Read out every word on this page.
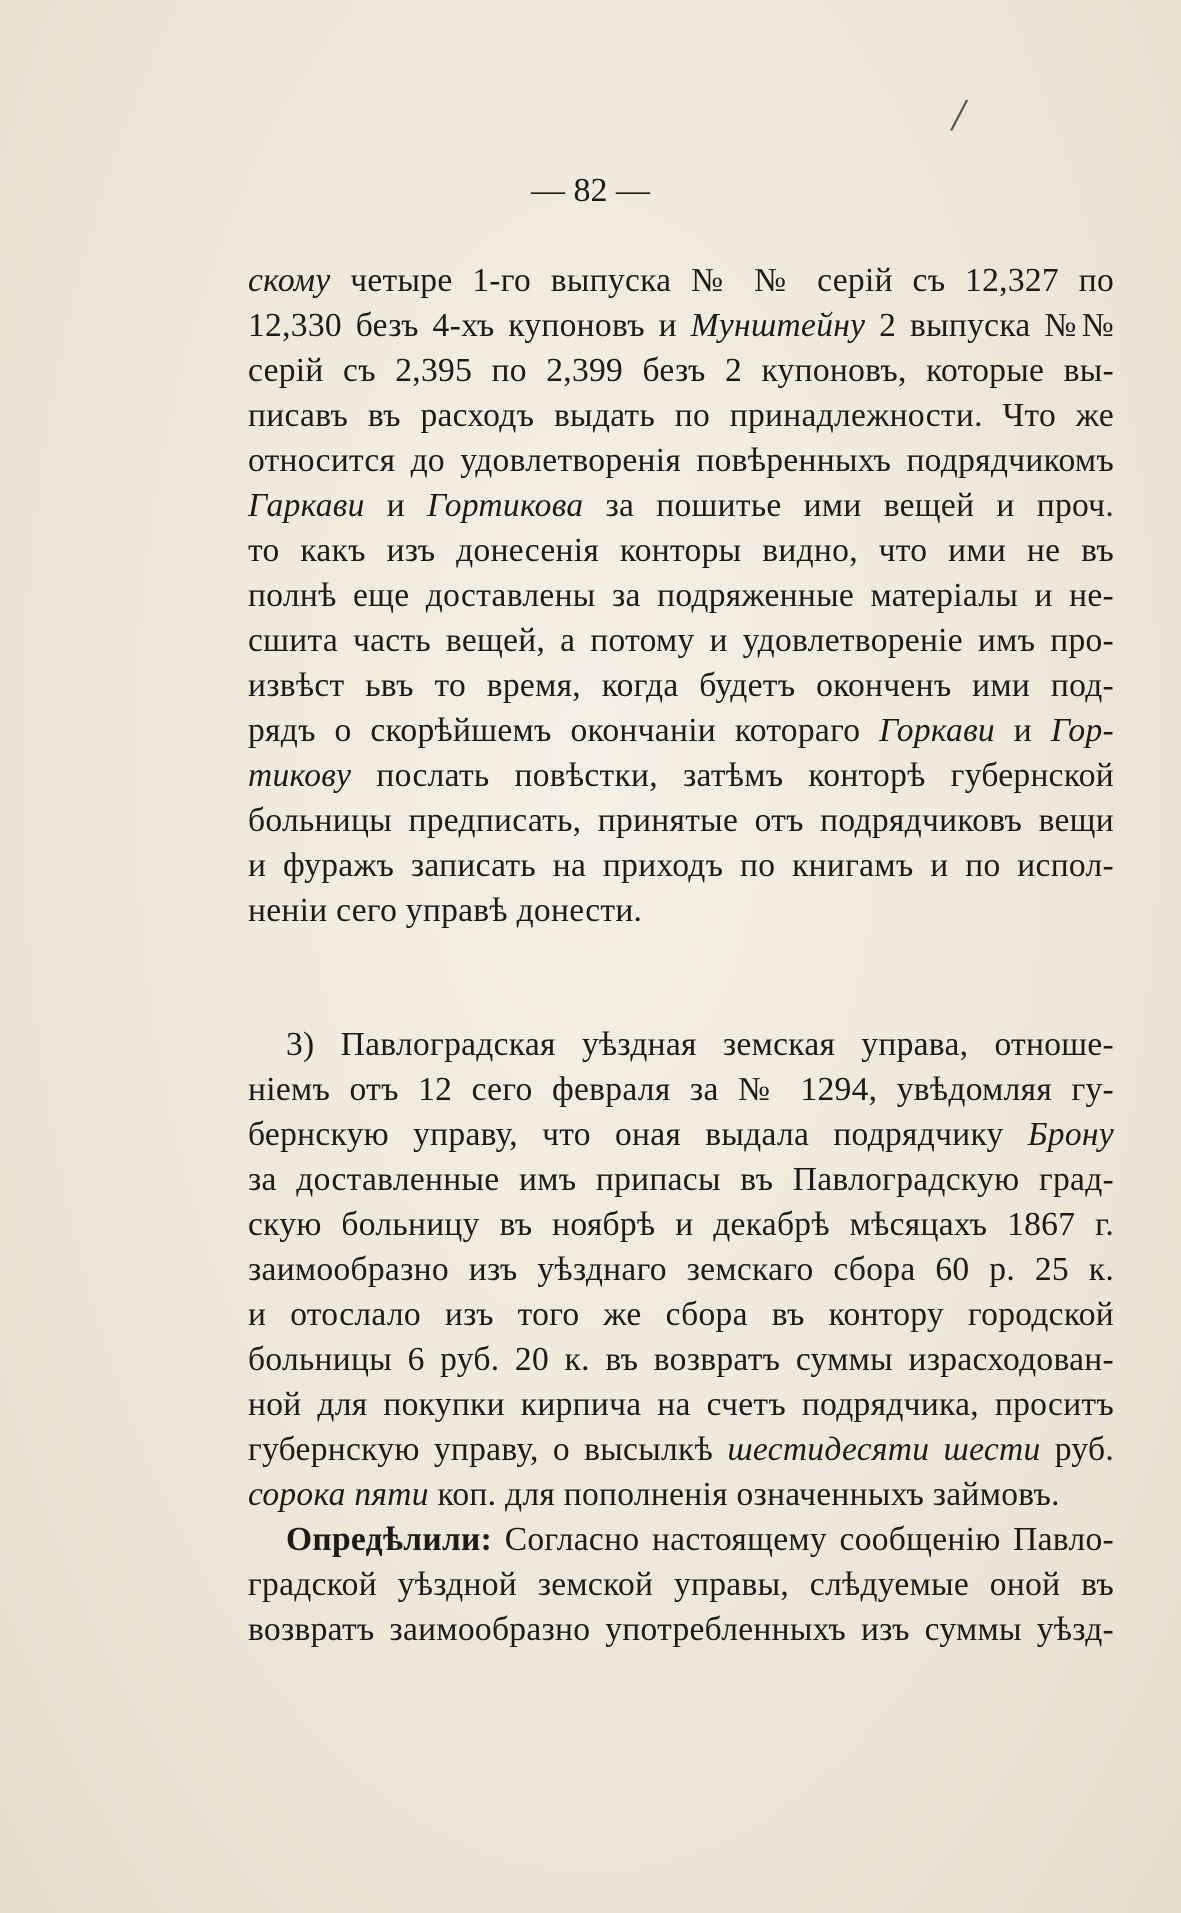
/
— 82 —
скому четыре 1-го выпуска № № серій съ 12,327 по
12,330 безъ 4-хъ купоновъ и Мунштейну 2 выпуска №№
серій съ 2,395 по 2,399 безъ 2 купоновъ, которые вы-
писавъ въ расходъ выдать по принадлежности. Что же
относится до удовлетворенія повѣренныхъ подрядчикомъ
Гаркави и Гортикова за пошитье ими вещей и проч.
то какъ изъ донесенія конторы видно, что ими не въ
полнѣ еще доставлены за подряженные матеріалы и не-
сшита часть вещей, а потому и удовлетвореніе имъ про-
извѣст ьвъ то время, когда будетъ оконченъ ими под-
рядъ о скорѣйшемъ окончаніи котораго Горкави и Гор-
тикову послать повѣстки, затѣмъ конторѣ губернской
больницы предписать, принятые отъ подрядчиковъ вещи
и фуражъ записать на приходъ по книгамъ и по испол-
неніи сего управѣ донести.
3) Павлоградская уѣздная земская управа, отноше-
ніемъ отъ 12 сего февраля за № 1294, увѣдомляя гу-
бернскую управу, что оная выдала подрядчику Брону
за доставленные имъ припасы въ Павлоградскую град-
скую больницу въ ноябрѣ и декабрѣ мѣсяцахъ 1867 г.
заимообразно изъ уѣзднаго земскаго сбора 60 р. 25 к.
и отослало изъ того же сбора въ контору городской
больницы 6 руб. 20 к. въ возвратъ суммы израсходован-
ной для покупки кирпича на счетъ подрядчика, проситъ
губернскую управу, о высылкѣ шестидесяти шести руб.
сорока пяти коп. для пополненія означенныхъ займовъ.
Опредѣлили: Согласно настоящему сообщенію Павло-
градской уѣздной земской управы, слѣдуемые оной въ
возвратъ заимообразно употребленныхъ изъ суммы уѣзд-
